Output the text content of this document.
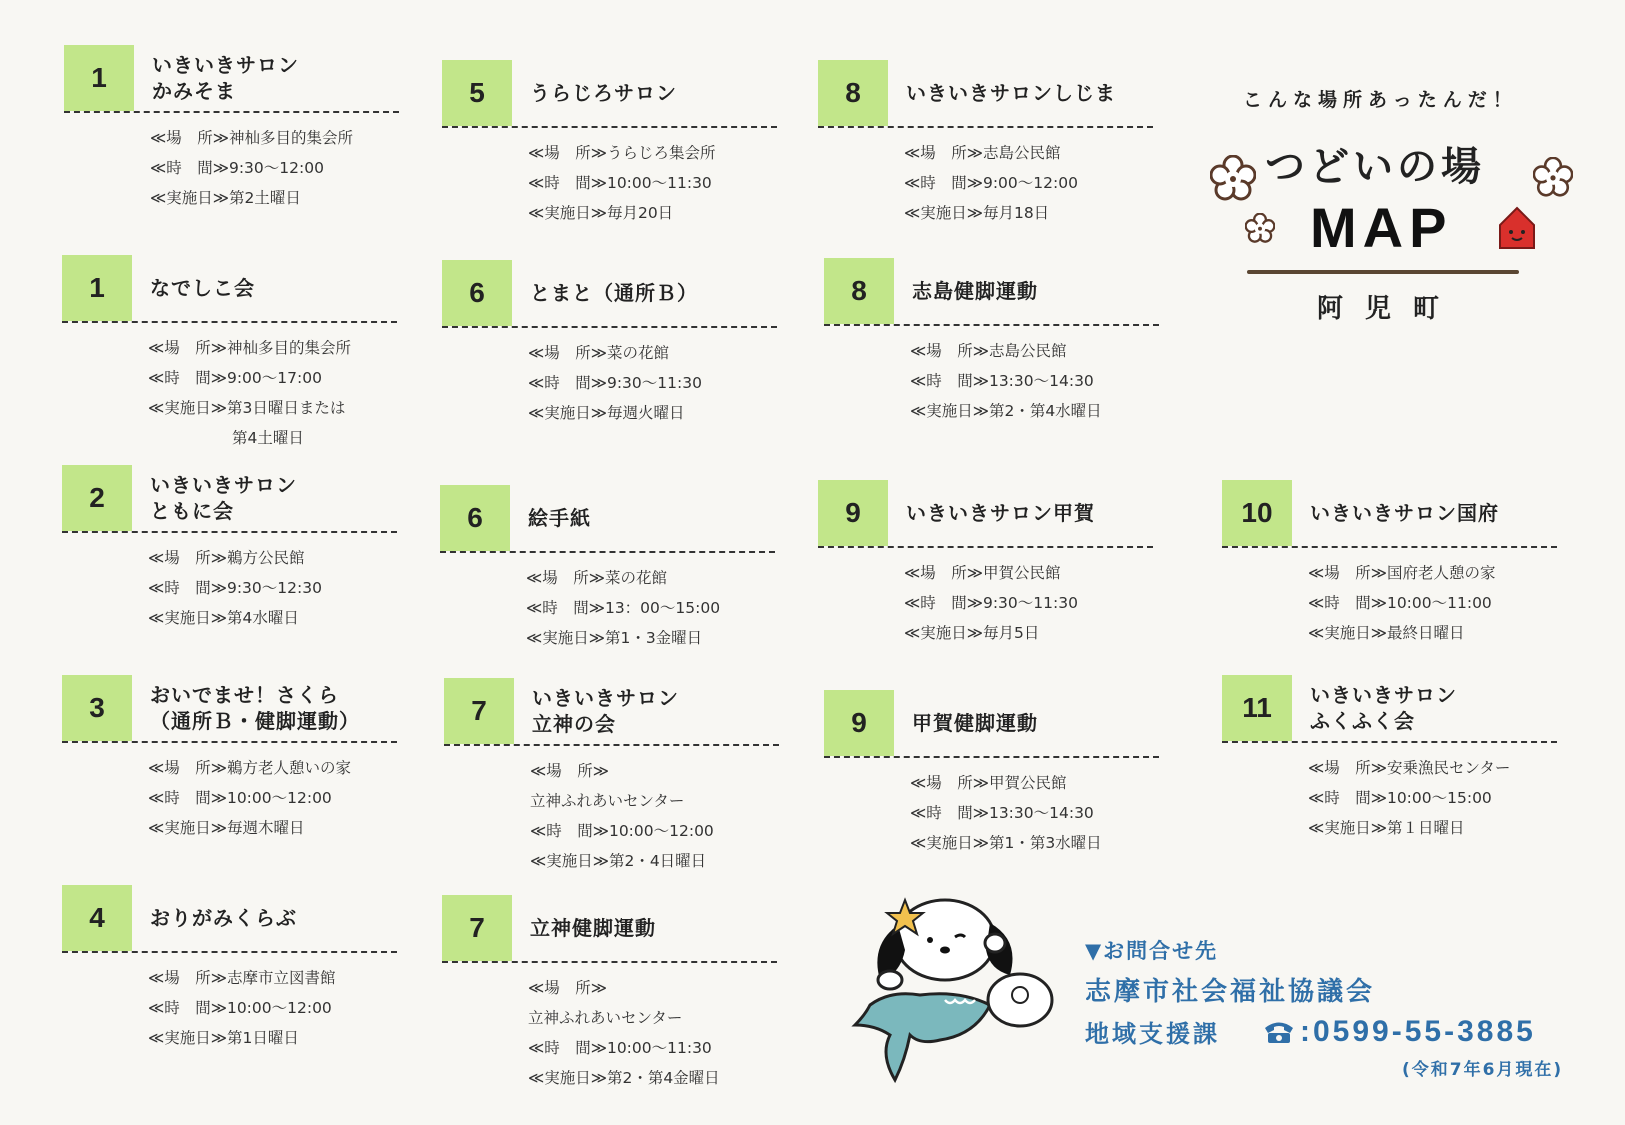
1	いきいきサロン
かみそま
≪場　所≫神杣多目的集会所
≪時　間≫9:30～12:00
≪実施日≫第2土曜日
1	なでしこ会
≪場　所≫神杣多目的集会所
≪時　間≫9:00～17:00
≪実施日≫第3日曜日または
第4土曜日
2	いきいきサロン
ともに会
≪場　所≫鵜方公民館
≪時　間≫9:30～12:30
≪実施日≫第4水曜日
3	おいでませ！さくら
（通所Ｂ・健脚運動）
≪場　所≫鵜方老人憩いの家
≪時　間≫10:00～12:00
≪実施日≫毎週木曜日
4	おりがみくらぶ
≪場　所≫志摩市立図書館
≪時　間≫10:00～12:00
≪実施日≫第1日曜日
5	うらじろサロン
≪場　所≫うらじろ集会所
≪時　間≫10:00～11:30
≪実施日≫毎月20日
6	とまと（通所Ｂ）
≪場　所≫菜の花館
≪時　間≫9:30～11:30
≪実施日≫毎週火曜日
6	絵手紙
≪場　所≫菜の花館
≪時　間≫13：00～15:00
≪実施日≫第1・3金曜日
7	いきいきサロン
立神の会
≪場　所≫
立神ふれあいセンター
≪時　間≫10:00～12:00
≪実施日≫第2・4日曜日
7	立神健脚運動
≪場　所≫
立神ふれあいセンター
≪時　間≫10:00～11:30
≪実施日≫第2・第4金曜日
8	いきいきサロンしじま
≪場　所≫志島公民館
≪時　間≫9:00～12:00
≪実施日≫毎月18日
8	志島健脚運動
≪場　所≫志島公民館
≪時　間≫13:30～14:30
≪実施日≫第2・第4水曜日
9	いきいきサロン甲賀
≪場　所≫甲賀公民館
≪時　間≫9:30～11:30
≪実施日≫毎月5日
9	甲賀健脚運動
≪場　所≫甲賀公民館
≪時　間≫13:30～14:30
≪実施日≫第1・第3水曜日
10	いきいきサロン国府
≪場　所≫国府老人憩の家
≪時　間≫10:00～11:00
≪実施日≫最終日曜日
11	いきいきサロン
ふくふく会
≪場　所≫安乗漁民センター
≪時　間≫10:00～15:00
≪実施日≫第１日曜日
こんな場所あったんだ！
つどいの場
MAP
阿児町
▼お問合せ先
志摩市社会福祉協議会
地域支援課	:0599-55-3885
(令和7年6月現在)
